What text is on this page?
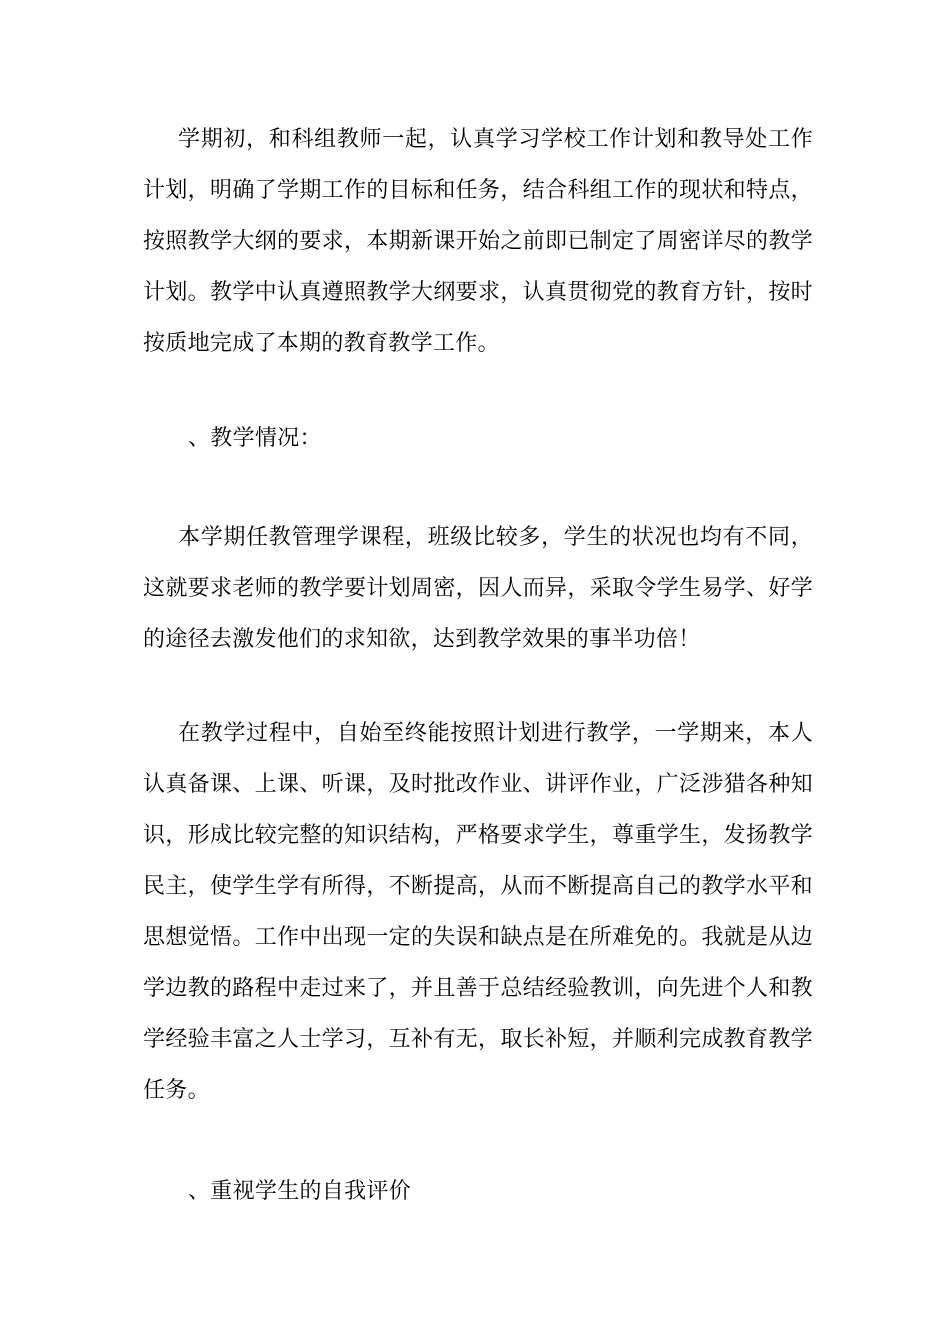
学期初，和科组教师一起，认真学习学校工作计划和教导处工作计划，明确了学期工作的目标和任务，结合科组工作的现状和特点，按照教学大纲的要求，本期新课开始之前即已制定了周密详尽的教学计划。教学中认真遵照教学大纲要求，认真贯彻党的教育方针，按时按质地完成了本期的教育教学工作。

、教学情况：

本学期任教管理学课程，班级比较多，学生的状况也均有不同，这就要求老师的教学要计划周密，因人而异，采取令学生易学、好学的途径去激发他们的求知欲，达到教学效果的事半功倍！

在教学过程中，自始至终能按照计划进行教学，一学期来，本人认真备课、上课、听课，及时批改作业、讲评作业，广泛涉猎各种知识，形成比较完整的知识结构，严格要求学生，尊重学生，发扬教学民主，使学生学有所得，不断提高，从而不断提高自己的教学水平和思想觉悟。工作中出现一定的失误和缺点是在所难免的。我就是从边学边教的路程中走过来了，并且善于总结经验教训，向先进个人和教学经验丰富之人士学习，互补有无，取长补短，并顺利完成教育教学任务。

、重视学生的自我评价
